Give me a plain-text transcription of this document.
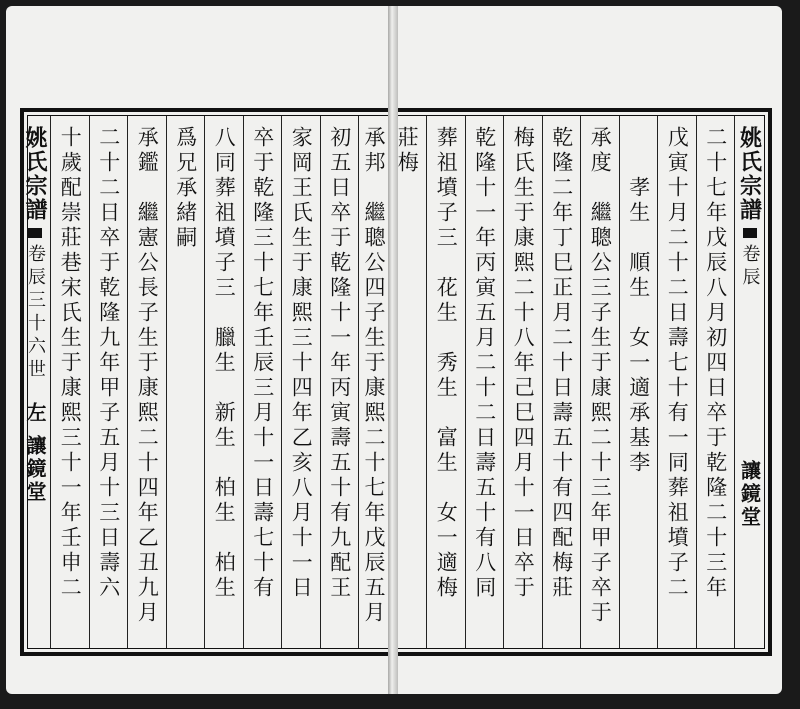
承邦　繼聰公四子生于康熙二十七年戊辰五月
初五日卒于乾隆十一年丙寅壽五十有九配王
家岡王氏生于康熙三十四年乙亥八月十一日
卒于乾隆三十七年壬辰三月十一日壽七十有
八同葬祖墳子三　臘生　新生　柏生　柏生
爲兄承緒嗣
承鑑　繼憲公長子生于康熙二十四年乙丑九月
二十二日卒于乾隆九年甲子五月十三日壽六
十歲配崇莊巷宋氏生于康熙三十一年壬申二
姚氏宗譜
卷辰
三十六世
左 讓鏡堂
姚氏宗譜
卷辰
讓鏡堂
二十七年戊辰八月初四日卒于乾隆二十三年
戊寅十月二十二日壽七十有一同葬祖墳子二
孝生　順生　女一適承基李
承度　繼聰公三子生于康熙二十三年甲子卒于
乾隆二年丁巳正月二十日壽五十有四配梅莊
梅氏生于康熙二十八年己巳四月十一日卒于
乾隆十一年丙寅五月二十二日壽五十有八同
葬祖墳子三　花生　秀生　富生　女一適梅
莊梅
